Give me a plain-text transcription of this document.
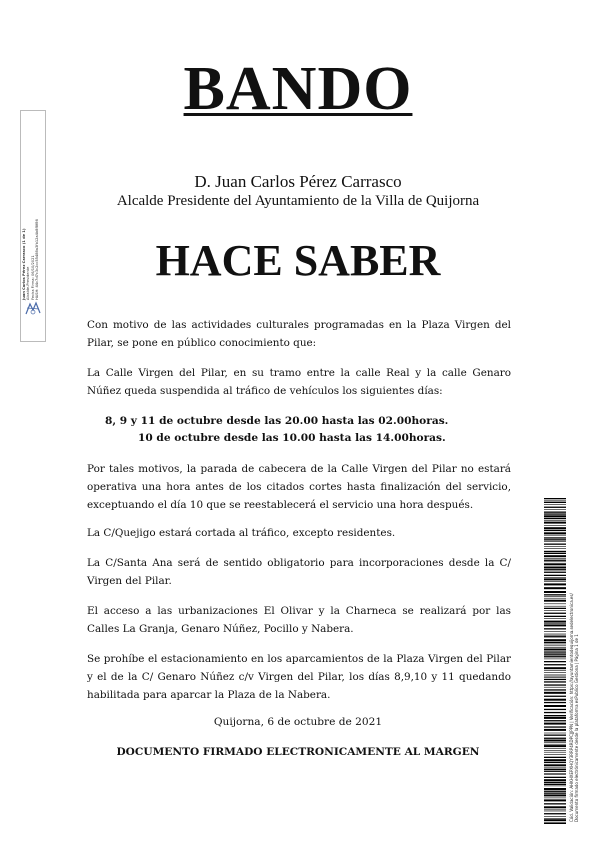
BANDO
D. Juan Carlos Pérez Carrasco
Alcalde Presidente del Ayuntamiento de la Villa de Quijorna
HACE SABER

Con motivo de las actividades culturales programadas en la Plaza Virgen del Pilar, se pone en público conocimiento que:

La Calle Virgen del Pilar, en su tramo entre la calle Real y la calle Genaro Núñez queda suspendida al tráfico de vehículos los siguientes días:

8, 9 y 11 de octubre desde las 20.00 hasta las 02.00horas.
10 de octubre desde las 10.00 hasta las 14.00horas.

Por tales motivos, la parada de cabecera de la Calle Virgen del Pilar no estará operativa una hora antes de los citados cortes hasta finalización del servicio, exceptuando el día 10 que se reestablecerá el servicio una hora después.

La C/Quejigo estará cortada al tráfico, excepto residentes.

La C/Santa Ana será de sentido obligatorio para incorporaciones desde la C/ Virgen del Pilar.

El acceso a las urbanizaciones El Olivar y la Charneca se realizará por las Calles La Granja, Genaro Núñez, Pocillo y Nabera.

Se prohíbe el estacionamiento en los aparcamientos de la Plaza Virgen del Pilar y el de la C/ Genaro Núñez c/v Virgen del Pilar, los días 8,9,10 y 11 quedando habilitada para aparcar la Plaza de la Nabera.

Quijorna, 6 de octubre de 2021
DOCUMENTO FIRMADO ELECTRONICAMENTE AL MARGEN
Juan Carlos Pérez Carrasco (1 de 1) Alcalde-Presidente Fecha Firma: 06/10/2021 HASH: 44c7d7c3c2cc55488a3fb12a4b8f8f86
Cód. Validación: AHKHXEPXHQY3RRP4RDPCJJPPN | Verificación: https://ayuntamientodequijorna.sedelectronica.es/ Documento firmado electrónicamente desde la plataforma esPublico Gestiona | Página 1 de 1
